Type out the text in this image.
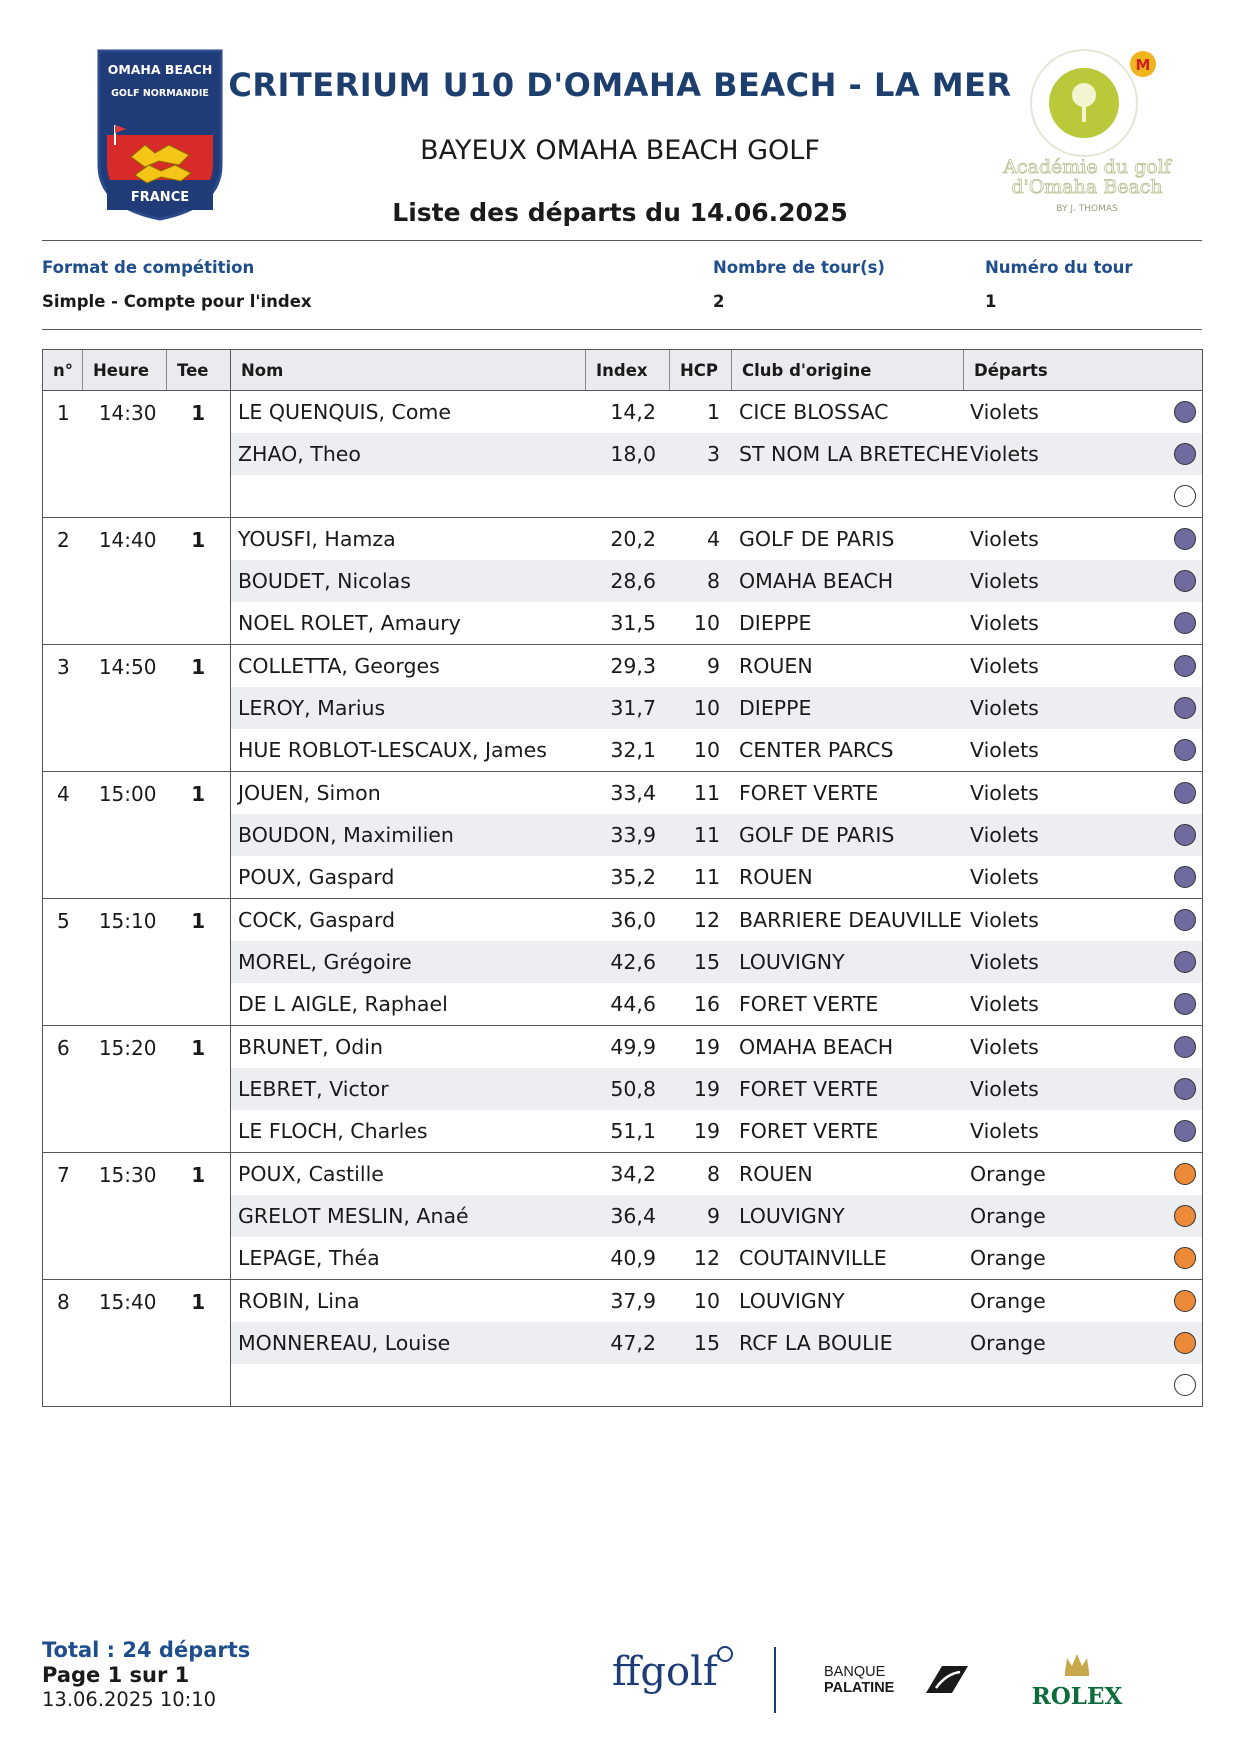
OMAHA BEACH
GOLF NORMANDIE
FRANCE
M
Académie du golf
d'Omaha Beach
BY J. THOMAS
CRITERIUM U10 D'OMAHA BEACH - LA MER
BAYEUX OMAHA BEACH GOLF
Liste des départs du 14.06.2025
Format de compétition
Simple - Compte pour l'index
Nombre de tour(s)
2
Numéro du tour
1
n°	Heure	Tee	Nom	Index	HCP	Club d'origine	Départs
1	14:30	1	LE QUENQUIS, Come	14,2	1 CICE BLOSSAC	Violets
ZHAO, Theo	18,0	3 ST NOM LA BRETECHE Violets
2	14:40	1	YOUSFI, Hamza	20,2	4 GOLF DE PARIS	Violets
BOUDET, Nicolas	28,6	8 OMAHA BEACH	Violets
NOEL ROLET, Amaury	31,5	10 DIEPPE	Violets
3	14:50	1	COLLETTA, Georges	29,3	9 ROUEN	Violets
LEROY, Marius	31,7	10 DIEPPE	Violets
HUE ROBLOT-LESCAUX, James	32,1	10 CENTER PARCS	Violets
4	15:00	1	JOUEN, Simon	33,4	11 FORET VERTE	Violets
BOUDON, Maximilien	33,9	11 GOLF DE PARIS	Violets
POUX, Gaspard	35,2	11 ROUEN	Violets
5	15:10	1	COCK, Gaspard	36,0	12 BARRIERE DEAUVILLE Violets
MOREL, Grégoire	42,6	15 LOUVIGNY	Violets
DE L AIGLE, Raphael	44,6	16 FORET VERTE	Violets
6	15:20	1	BRUNET, Odin	49,9	19 OMAHA BEACH	Violets
LEBRET, Victor	50,8	19 FORET VERTE	Violets
LE FLOCH, Charles	51,1	19 FORET VERTE	Violets
7	15:30	1	POUX, Castille	34,2	8 ROUEN	Orange
GRELOT MESLIN, Anaé	36,4	9 LOUVIGNY	Orange
LEPAGE, Théa	40,9	12 COUTAINVILLE	Orange
8	15:40	1	ROBIN, Lina	37,9	10 LOUVIGNY	Orange
MONNEREAU, Louise	47,2	15 RCF LA BOULIE	Orange
Total : 24 départs
Page 1 sur 1
13.06.2025 10:10
ffgolf	BANQUE
PALATINE	ROLEX
